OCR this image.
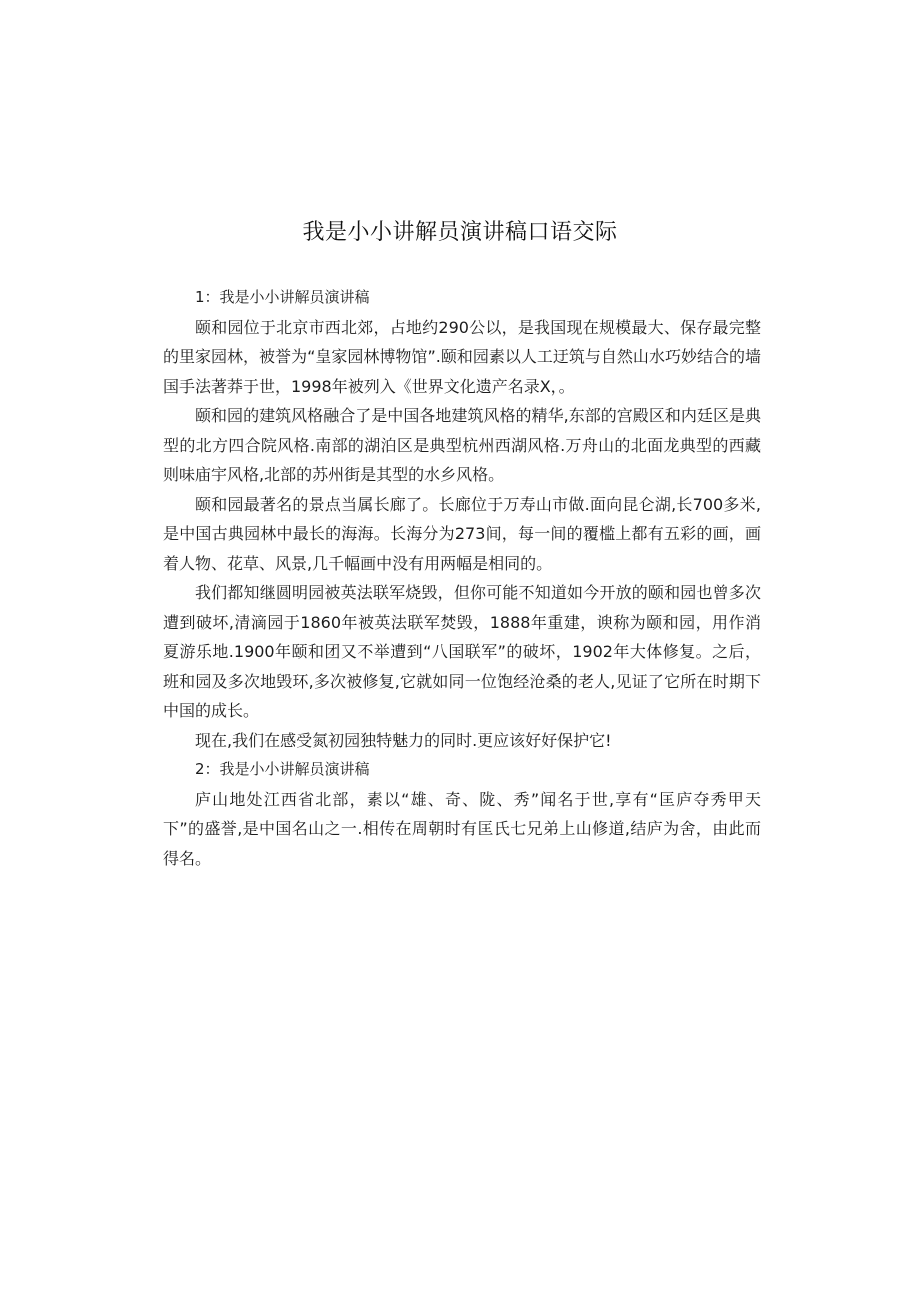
我是小小讲解员演讲稿口语交际
1：我是小小讲解员演讲稿

颐和园位于北京市西北郊，占地约290公以，是我国现在规模最大、保存最完整的里家园林，被誉为“皇家园林博物馆”.颐和园素以人工迂筑与自然山水巧妙结合的墙国手法著莽于世，1998年被列入《世界文化遗产名录X，。

颐和园的建筑风格融合了是中国各地建筑风格的精华,东部的宫殿区和内廷区是典型的北方四合院风格.南部的湖泊区是典型杭州西湖风格.万舟山的北面龙典型的西藏则味庙宇风格,北部的苏州街是其型的水乡风格。

颐和园最著名的景点当属长廊了。长廊位于万寿山市做.面向昆仑湖,长700多米,是中国古典园林中最长的海海。长海分为273间，每一间的覆槛上都有五彩的画，画着人物、花草、风景,几千幅画中没有用两幅是相同的。

我们都知继圆明园被英法联军烧毁，但你可能不知道如今开放的颐和园也曾多次遭到破坏,清滴园于1860年被英法联军焚毁，1888年重建，谀称为颐和园，用作消夏游乐地.1900年颐和团又不举遭到“八国联军”的破坏，1902年大体修复。之后，班和园及多次地毁环,多次被修复,它就如同一位饱经沧桑的老人,见证了它所在时期下中国的成长。

现在,我们在感受氮初园独特魅力的同时.更应该好好保护它!

2：我是小小讲解员演讲稿

庐山地处江西省北部，素以“雄、奇、陇、秀”闻名于世,享有“匡庐夺秀甲天下”的盛誉,是中国名山之一.相传在周朝时有匡氏七兄弟上山修道,结庐为舍，由此而得名。
